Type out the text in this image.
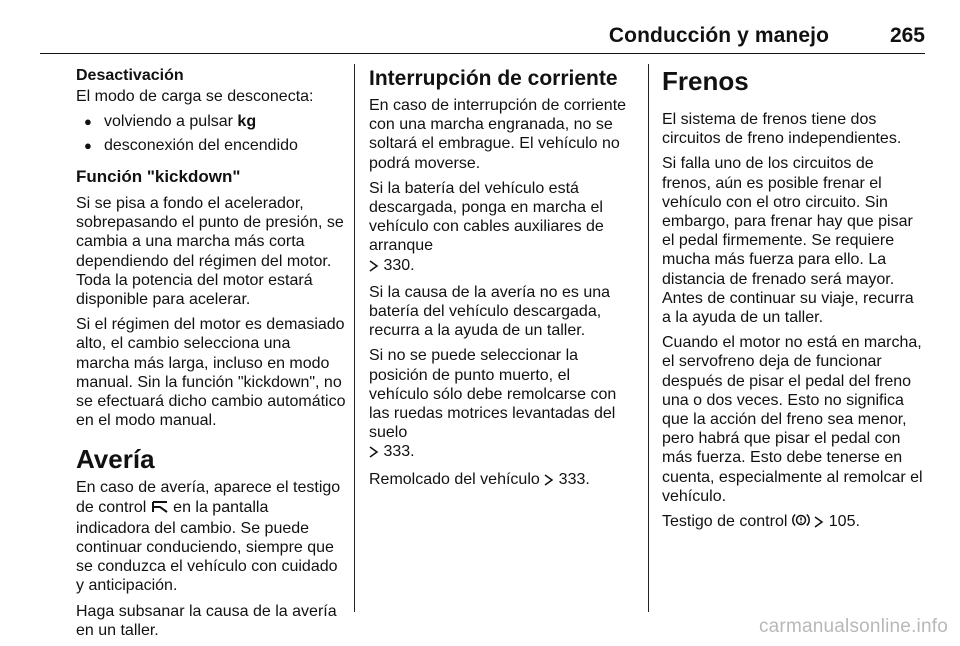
Conducción y manejo	265
Desactivación

El modo de carga se desconecta:

● volviendo a pulsar kg
● desconexión del encendido
Función "kickdown"

Si se pisa a fondo el acelerador, sobrepasando el punto de presión, se cambia a una marcha más corta dependiendo del régimen del motor. Toda la potencia del motor estará disponible para acelerar.

Si el régimen del motor es demasiado alto, el cambio selecciona una marcha más larga, incluso en modo manual. Sin la función "kickdown", no se efectuará dicho cambio automático en el modo manual.

Avería

En caso de avería, aparece el testigo de control  en la pantalla indicadora del cambio. Se puede continuar conduciendo, siempre que se conduzca el vehículo con cuidado y anticipación.

Haga subsanar la causa de la avería en un taller.

Interrupción de corriente

En caso de interrupción de corriente con una marcha engranada, no se soltará el embrague. El vehículo no podrá moverse.

Si la batería del vehículo está descargada, ponga en marcha el vehículo con cables auxiliares de arranque
330.

Si la causa de la avería no es una batería del vehículo descargada, recurra a la ayuda de un taller.

Si no se puede seleccionar la posición de punto muerto, el vehículo sólo debe remolcarse con las ruedas motrices levantadas del suelo
333.

Remolcado del vehículo 333.

Frenos

El sistema de frenos tiene dos circuitos de freno independientes.

Si falla uno de los circuitos de frenos, aún es posible frenar el vehículo con el otro circuito. Sin embargo, para frenar hay que pisar el pedal firmemente. Se requiere mucha más fuerza para ello. La distancia de frenado será mayor. Antes de continuar su viaje, recurra a la ayuda de un taller.

Cuando el motor no está en marcha, el servofreno deja de funcionar después de pisar el pedal del freno una o dos veces. Esto no significa que la acción del freno sea menor, pero habrá que pisar el pedal con más fuerza. Esto debe tenerse en cuenta, especialmente al remolcar el vehículo.

Testigo de control	105.

carmanualsonline.info
